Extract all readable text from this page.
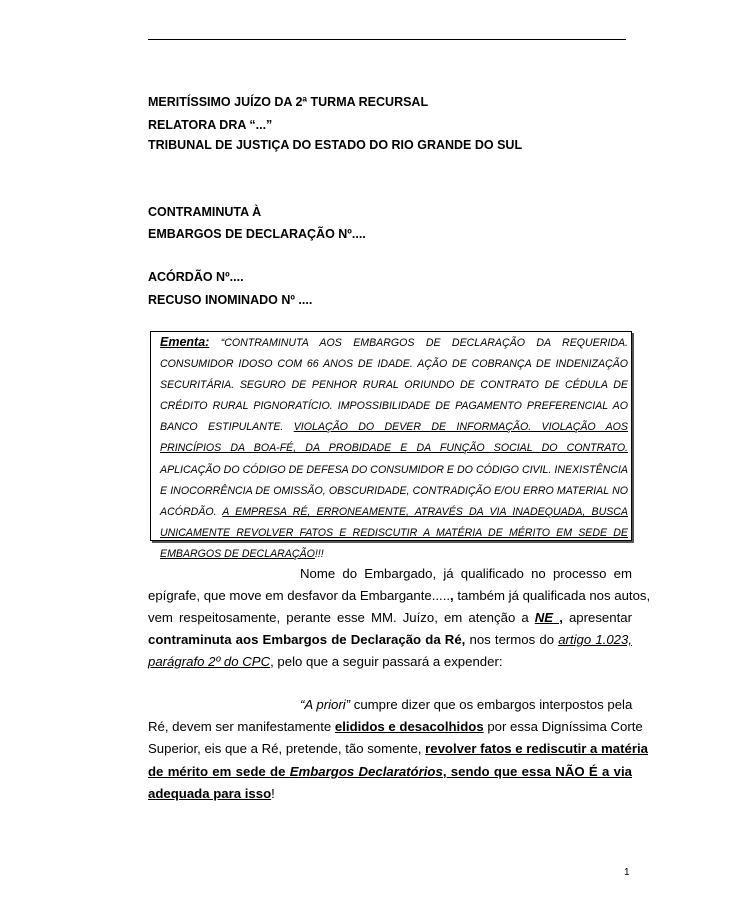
MERITÍSSIMO JUÍZO DA 2ª TURMA RECURSAL
RELATORA DRA “...”
TRIBUNAL DE JUSTIÇA DO ESTADO DO RIO GRANDE DO SUL
CONTRAMINUTA À
EMBARGOS DE DECLARAÇÃO Nº....
ACÓRDÃO Nº....
RECUSO INOMINADO Nº ....
Ementa: “CONTRAMINUTA AOS EMBARGOS DE DECLARAÇÃO DA REQUERIDA.
CONSUMIDOR IDOSO COM 66 ANOS DE IDADE. AÇÃO DE COBRANÇA DE INDENIZAÇÃO
SECURITÁRIA. SEGURO DE PENHOR RURAL ORIUNDO DE CONTRATO DE CÉDULA DE
CRÉDITO RURAL PIGNORATÍCIO. IMPOSSIBILIDADE DE PAGAMENTO PREFERENCIAL AO
BANCO ESTIPULANTE. VIOLAÇÃO DO DEVER DE INFORMAÇÃO. VIOLAÇÃO AOS
PRINCÍPIOS DA BOA-FÉ, DA PROBIDADE E DA FUNÇÃO SOCIAL DO CONTRATO.
APLICAÇÃO DO CÓDIGO DE DEFESA DO CONSUMIDOR E DO CÓDIGO CIVIL. INEXISTÊNCIA
E INOCORRÊNCIA DE OMISSÃO, OBSCURIDADE, CONTRADIÇÃO E/OU ERRO MATERIAL NO
ACÓRDÃO. A EMPRESA RÉ, ERRONEAMENTE, ATRAVÉS DA VIA INADEQUADA, BUSCA
UNICAMENTE REVOLVER FATOS E REDISCUTIR A MATÉRIA DE MÉRITO EM SEDE DE
EMBARGOS DE DECLARAÇÃO!!!
Nome do Embargado, já qualificado no processo em
epígrafe, que move em desfavor da Embargante....., também já qualificada nos autos,
vem respeitosamente, perante esse MM. Juízo, em atenção a NE , apresentar
contraminuta aos Embargos de Declaração da Ré, nos termos do artigo 1.023,
parágrafo 2º do CPC, pelo que a seguir passará a expender:
“A priori” cumpre dizer que os embargos interpostos pela
Ré, devem ser manifestamente elididos e desacolhidos por essa Digníssima Corte
Superior, eis que a Ré, pretende, tão somente, revolver fatos e rediscutir a matéria
de mérito em sede de Embargos Declaratórios, sendo que essa NÃO É a via
adequada para isso!
1
